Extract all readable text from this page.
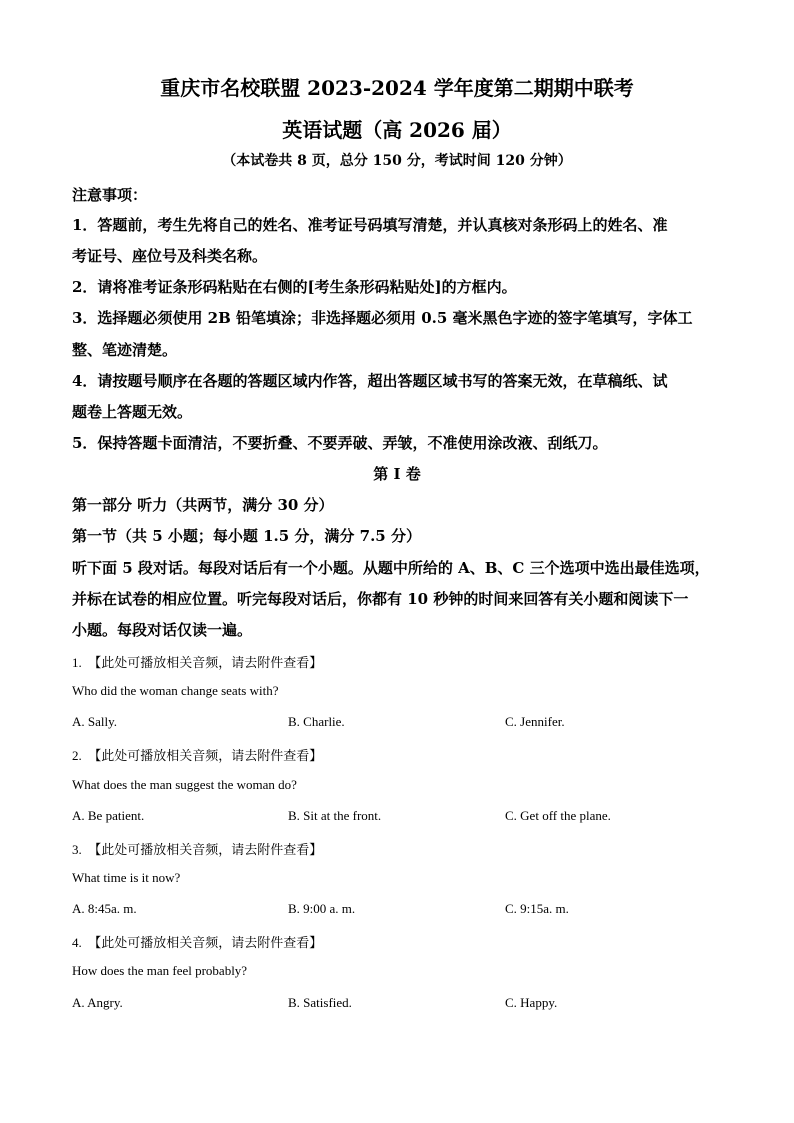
重庆市名校联盟 2023-2024 学年度第二期期中联考
英语试题（高 2026 届）
（本试卷共 8 页，总分 150 分，考试时间 120 分钟）
注意事项：
1．答题前，考生先将自己的姓名、准考证号码填写清楚，并认真核对条形码上的姓名、准
考证号、座位号及科类名称。
2．请将准考证条形码粘贴在右侧的[考生条形码粘贴处]的方框内。
3．选择题必须使用 2B 铅笔填涂；非选择题必须用 0.5 毫米黑色字迹的签字笔填写，字体工
整、笔迹清楚。
4．请按题号顺序在各题的答题区域内作答，超出答题区域书写的答案无效，在草稿纸、试
题卷上答题无效。
5．保持答题卡面清洁，不要折叠、不要弄破、弄皱，不准使用涂改液、刮纸刀。
第 I 卷
第一部分 听力（共两节，满分 30 分）
第一节（共 5 小题；每小题 1.5 分，满分 7.5 分）
听下面 5 段对话。每段对话后有一个小题。从题中所给的 A、B、C 三个选项中选出最佳选项，
并标在试卷的相应位置。听完每段对话后，你都有 10 秒钟的时间来回答有关小题和阅读下一
小题。每段对话仅读一遍。
1. 【此处可播放相关音频，请去附件查看】
Who did the woman change seats with?
A. Sally.	B. Charlie.	C. Jennifer.
2. 【此处可播放相关音频，请去附件查看】
What does the man suggest the woman do?
A. Be patient.	B. Sit at the front.	C. Get off the plane.
3. 【此处可播放相关音频，请去附件查看】
What time is it now?
A. 8:45a. m.	B. 9:00 a. m.	C. 9:15a. m.
4. 【此处可播放相关音频，请去附件查看】
How does the man feel probably?
A. Angry.	B. Satisfied.	C. Happy.
